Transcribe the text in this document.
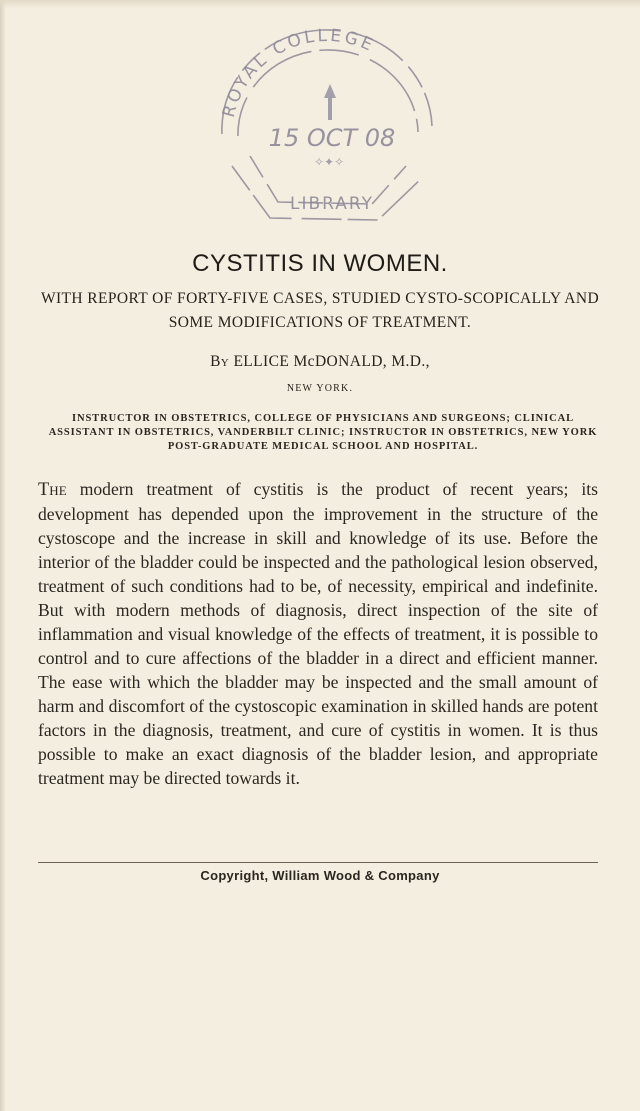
ROYAL COLLEGE
15 OCT 08
✧✦✧
LIBRARY
CYSTITIS IN WOMEN.

WITH REPORT OF FORTY-FIVE CASES, STUDIED CYSTO-SCOPICALLY AND SOME MODIFICATIONS OF TREATMENT.

By ELLICE McDONALD, M.D.,

NEW YORK.

INSTRUCTOR IN OBSTETRICS, COLLEGE OF PHYSICIANS AND SURGEONS; CLINICAL ASSISTANT IN OBSTETRICS, VANDERBILT CLINIC; INSTRUCTOR IN OBSTETRICS, NEW YORK POST-GRADUATE MEDICAL SCHOOL AND HOSPITAL.

The modern treatment of cystitis is the product of recent years; its development has depended upon the improvement in the structure of the cystoscope and the increase in skill and knowledge of its use. Before the interior of the bladder could be inspected and the pathological lesion observed, treatment of such conditions had to be, of necessity, empirical and indefinite. But with modern methods of diagnosis, direct inspection of the site of inflammation and visual knowledge of the effects of treatment, it is possible to control and to cure affections of the bladder in a direct and efficient manner. The ease with which the bladder may be inspected and the small amount of harm and discomfort of the cystoscopic examination in skilled hands are potent factors in the diagnosis, treatment, and cure of cystitis in women. It is thus possible to make an exact diagnosis of the bladder lesion, and appropriate treatment may be directed towards it.

Copyright, William Wood & Company
